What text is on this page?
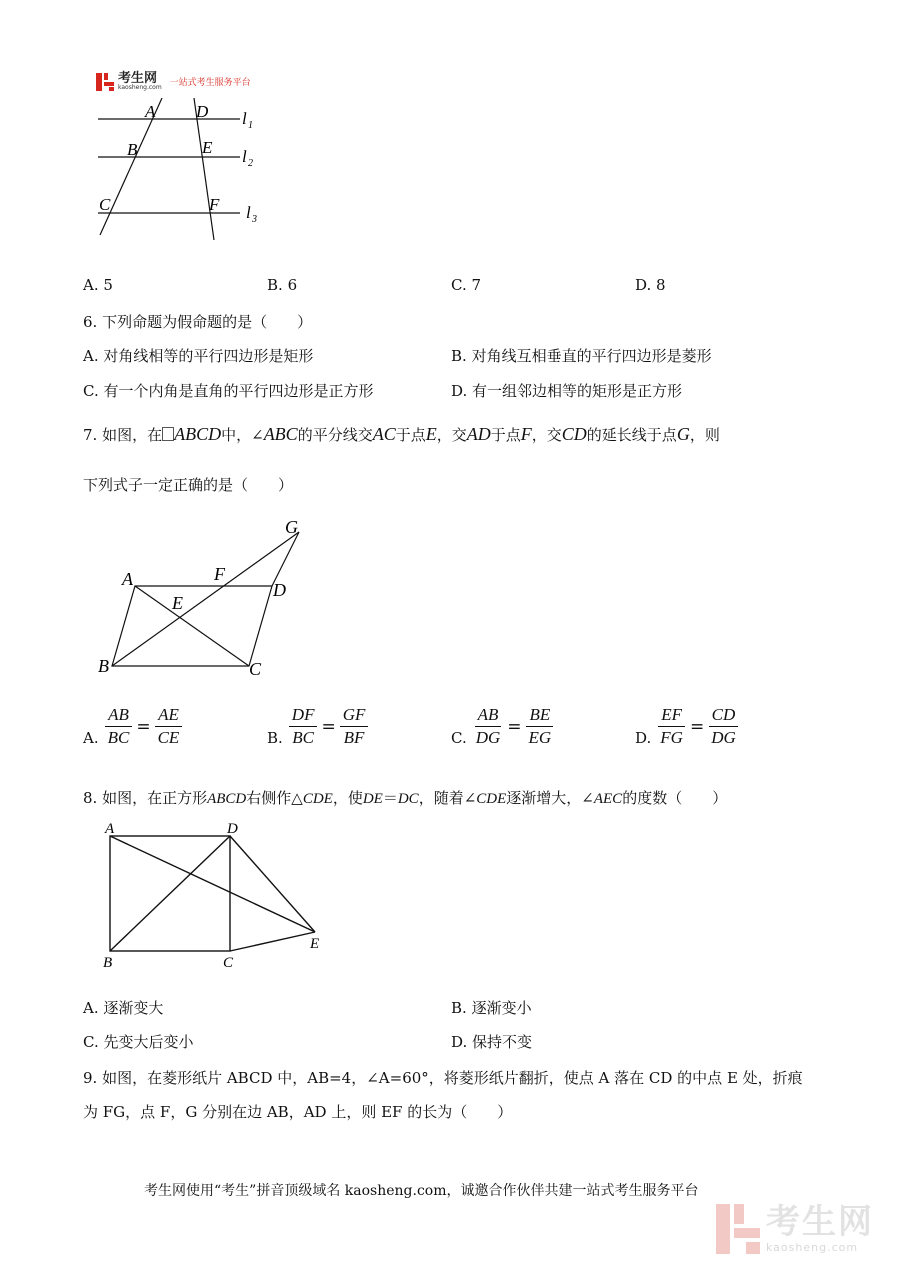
考生网
kaosheng.com 一站式考生服务平台
A D
B	E
C	F
l 1
l 2
l 3
A. 5	B. 6	C. 7	D. 8
6. 下列命题为假命题的是（　　）
A. 对角线相等的平行四边形是矩形	B. 对角线互相垂直的平行四边形是菱形
C. 有一个内角是直角的平行四边形是正方形	D. 有一组邻边相等的矩形是正方形
7. 如图，在 ABCD中，∠ABC的平分线交AC于点E，交AD于点F，交CD的延长线于点G，则
下列式子一定正确的是（　　）
G
A	F
D
E
B	C
A. $\frac{AB}{BC} = \frac{AE}{CE}$	B. $\frac{DF}{BC} = \frac{GF}{BF}$	C. $\frac{AB}{DG} = \frac{BE}{EG}$	D. $\frac{EF}{FG} = \frac{CD}{DG}$
8. 如图，在正方形ABCD右侧作△CDE，使DE＝DC，随着∠CDE逐渐增大，∠AEC的度数（　　）
A	D
B	C
E
A. 逐渐变大	B. 逐渐变小
C. 先变大后变小	D. 保持不变
9. 如图，在菱形纸片 ABCD 中，AB=4，∠A=60°，将菱形纸片翻折，使点 A 落在 CD 的中点 E 处，折痕
为 FG，点 F，G 分别在边 AB，AD 上，则 EF 的长为（　　）
考生网使用“考生”拼音顶级域名 kaosheng.com，诚邀合作伙伴共建一站式考生服务平台
考生网
kaosheng.com
